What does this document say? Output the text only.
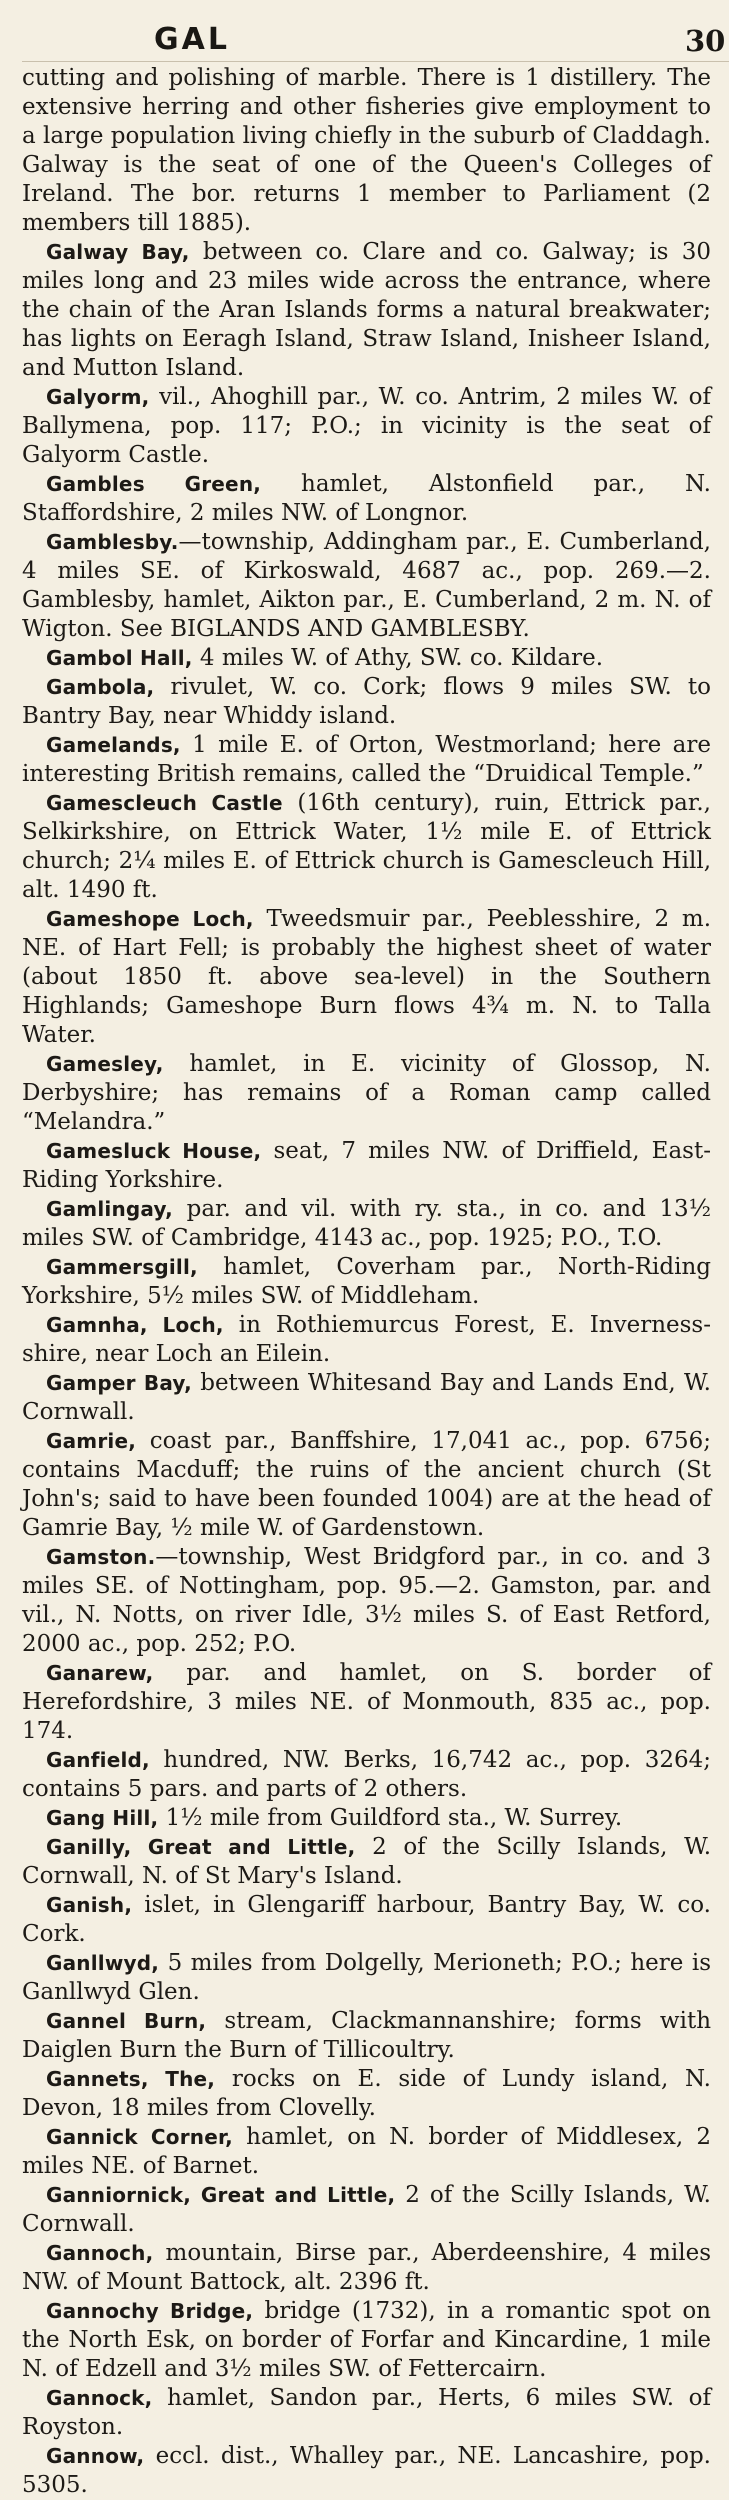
GAL	30

cutting and polishing of marble. There is 1 distillery. The extensive herring and other fisheries give employment to a large population living chiefly in the suburb of Claddagh. Galway is the seat of one of the Queen's Colleges of Ireland. The bor. returns 1 member to Parliament (2 members till 1885).

Galway Bay, between co. Clare and co. Galway; is 30 miles long and 23 miles wide across the entrance, where the chain of the Aran Islands forms a natural breakwater; has lights on Eeragh Island, Straw Island, Inisheer Island, and Mutton Island.

Galyorm, vil., Ahoghill par., W. co. Antrim, 2 miles W. of Ballymena, pop. 117; P.O.; in vicinity is the seat of Galyorm Castle.

Gambles Green, hamlet, Alstonfield par., N. Staffordshire, 2 miles NW. of Longnor.

Gamblesby.—township, Addingham par., E. Cumberland, 4 miles SE. of Kirkoswald, 4687 ac., pop. 269.—2. Gamblesby, hamlet, Aikton par., E. Cumberland, 2 m. N. of Wigton. See BIGLANDS AND GAMBLESBY.

Gambol Hall, 4 miles W. of Athy, SW. co. Kildare.

Gambola, rivulet, W. co. Cork; flows 9 miles SW. to Bantry Bay, near Whiddy island.

Gamelands, 1 mile E. of Orton, Westmorland; here are interesting British remains, called the “Druidical Temple.”

Gamescleuch Castle (16th century), ruin, Ettrick par., Selkirkshire, on Ettrick Water, 1½ mile E. of Ettrick church; 2¼ miles E. of Ettrick church is Gamescleuch Hill, alt. 1490 ft.

Gameshope Loch, Tweedsmuir par., Peeblesshire, 2 m. NE. of Hart Fell; is probably the highest sheet of water (about 1850 ft. above sea-level) in the Southern Highlands; Gameshope Burn flows 4¾ m. N. to Talla Water.

Gamesley, hamlet, in E. vicinity of Glossop, N. Derbyshire; has remains of a Roman camp called “Melandra.”

Gamesluck House, seat, 7 miles NW. of Driffield, East-Riding Yorkshire.

Gamlingay, par. and vil. with ry. sta., in co. and 13½ miles SW. of Cambridge, 4143 ac., pop. 1925; P.O., T.O.

Gammersgill, hamlet, Coverham par., North-Riding Yorkshire, 5½ miles SW. of Middleham.

Gamnha, Loch, in Rothiemurcus Forest, E. Inverness-shire, near Loch an Eilein.

Gamper Bay, between Whitesand Bay and Lands End, W. Cornwall.

Gamrie, coast par., Banffshire, 17,041 ac., pop. 6756; contains Macduff; the ruins of the ancient church (St John's; said to have been founded 1004) are at the head of Gamrie Bay, ½ mile W. of Gardenstown.

Gamston.—township, West Bridgford par., in co. and 3 miles SE. of Nottingham, pop. 95.—2. Gamston, par. and vil., N. Notts, on river Idle, 3½ miles S. of East Retford, 2000 ac., pop. 252; P.O.

Ganarew, par. and hamlet, on S. border of Herefordshire, 3 miles NE. of Monmouth, 835 ac., pop. 174.

Ganfield, hundred, NW. Berks, 16,742 ac., pop. 3264; contains 5 pars. and parts of 2 others.

Gang Hill, 1½ mile from Guildford sta., W. Surrey.

Ganilly, Great and Little, 2 of the Scilly Islands, W. Cornwall, N. of St Mary's Island.

Ganish, islet, in Glengariff harbour, Bantry Bay, W. co. Cork.

Ganllwyd, 5 miles from Dolgelly, Merioneth; P.O.; here is Ganllwyd Glen.

Gannel Burn, stream, Clackmannanshire; forms with Daiglen Burn the Burn of Tillicoultry.

Gannets, The, rocks on E. side of Lundy island, N. Devon, 18 miles from Clovelly.

Gannick Corner, hamlet, on N. border of Middlesex, 2 miles NE. of Barnet.

Ganniornick, Great and Little, 2 of the Scilly Islands, W. Cornwall.

Gannoch, mountain, Birse par., Aberdeenshire, 4 miles NW. of Mount Battock, alt. 2396 ft.

Gannochy Bridge, bridge (1732), in a romantic spot on the North Esk, on border of Forfar and Kincardine, 1 mile N. of Edzell and 3½ miles SW. of Fettercairn.

Gannock, hamlet, Sandon par., Herts, 6 miles SW. of Royston.

Gannow, eccl. dist., Whalley par., NE. Lancashire, pop. 5305.
